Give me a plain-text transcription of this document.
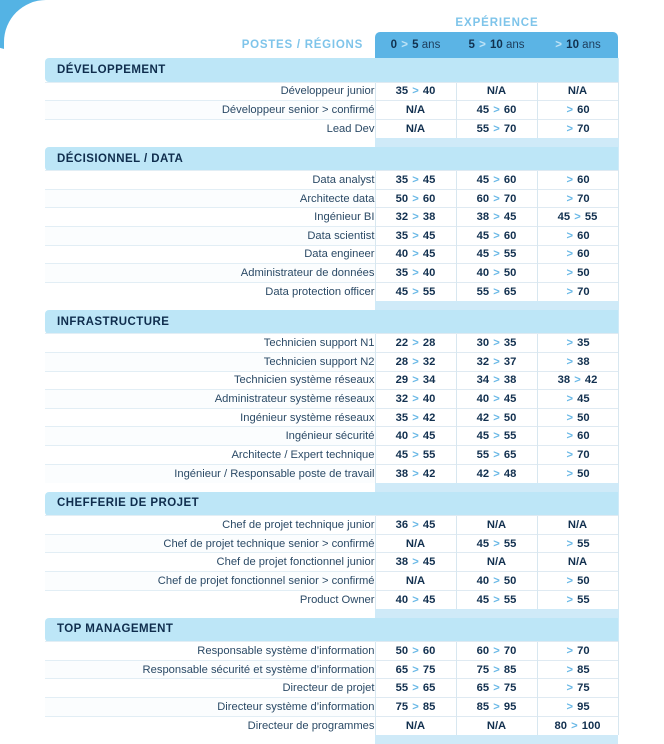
EXPÉRIENCE
	POSTES / RÉGIONS	0 > 5 ans	5 > 10 ans	> 10 ans	
	DÉVELOPPEMENT				
	Développeur junior	35 > 40	N/A	N/A	
	Développeur senior > confirmé	N/A	45 > 60	> 60	
	Lead Dev	N/A	55 > 70	> 70	

	DÉCISIONNEL / DATA				
	Data analyst	35 > 45	45 > 60	> 60	
	Architecte data	50 > 60	60 > 70	> 70	
	Ingénieur BI	32 > 38	38 > 45	45 > 55	
	Data scientist	35 > 45	45 > 60	> 60	
	Data engineer	40 > 45	45 > 55	> 60	
	Administrateur de données	35 > 40	40 > 50	> 50	
	Data protection officer	45 > 55	55 > 65	> 70	

	INFRASTRUCTURE				
	Technicien support N1	22 > 28	30 > 35	> 35	
	Technicien support N2	28 > 32	32 > 37	> 38	
	Technicien système réseaux	29 > 34	34 > 38	38 > 42	
	Administrateur système réseaux	32 > 40	40 > 45	> 45	
	Ingénieur système réseaux	35 > 42	42 > 50	> 50	
	Ingénieur sécurité	40 > 45	45 > 55	> 60	
	Architecte / Expert technique	45 > 55	55 > 65	> 70	
	Ingénieur / Responsable poste de travail	38 > 42	42 > 48	> 50	

	CHEFFERIE DE PROJET				
	Chef de projet technique junior	36 > 45	N/A	N/A	
	Chef de projet technique senior > confirmé	N/A	45 > 55	> 55	
	Chef de projet fonctionnel junior	38 > 45	N/A	N/A	
	Chef de projet fonctionnel senior > confirmé	N/A	40 > 50	> 50	
	Product Owner	40 > 45	45 > 55	> 55	

	TOP MANAGEMENT				
	Responsable système d’information	50 > 60	60 > 70	> 70	
	Responsable sécurité et système d’information	65 > 75	75 > 85	> 85	
	Directeur de projet	55 > 65	65 > 75	> 75	
	Directeur système d’information	75 > 85	85 > 95	> 95	
	Directeur de programmes	N/A	N/A	80 > 100	
